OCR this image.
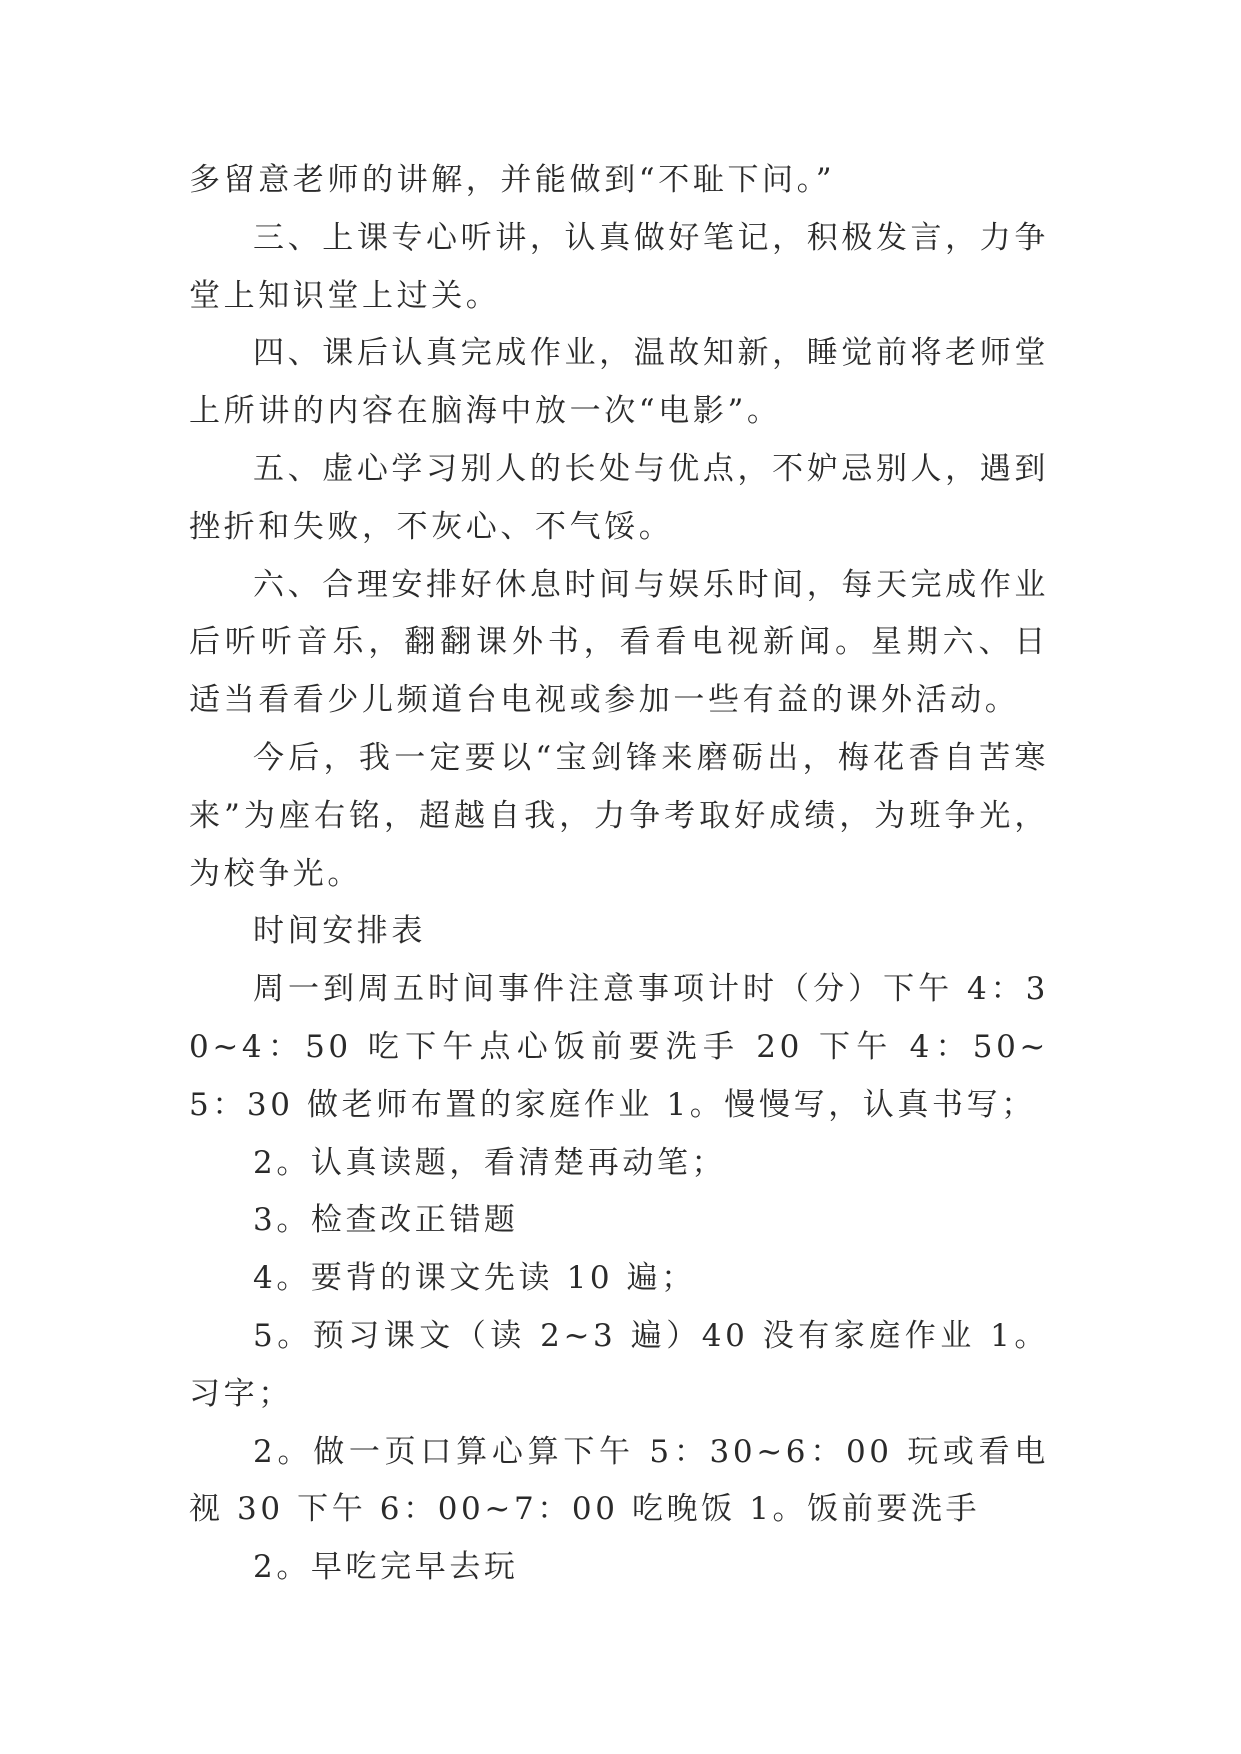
多留意老师的讲解，并能做到“不耻下问。”

三、上课专心听讲，认真做好笔记，积极发言，力争堂上知识堂上过关。

四、课后认真完成作业，温故知新，睡觉前将老师堂上所讲的内容在脑海中放一次“电影”。

五、虚心学习别人的长处与优点，不妒忌别人，遇到挫折和失败，不灰心、不气馁。

六、合理安排好休息时间与娱乐时间，每天完成作业后听听音乐，翻翻课外书，看看电视新闻。星期六、日适当看看少儿频道台电视或参加一些有益的课外活动。

今后，我一定要以“宝剑锋来磨砺出，梅花香自苦寒来”为座右铭，超越自我，力争考取好成绩，为班争光，为校争光。

时间安排表

周一到周五时间事件注意事项计时（分）下午 4：30~4：50 吃下午点心饭前要洗手 20 下午 4：50~5：30 做老师布置的家庭作业 1。慢慢写，认真书写；

2。认真读题，看清楚再动笔；

3。检查改正错题

4。要背的课文先读 10 遍；

5。预习课文（读 2~3 遍）40 没有家庭作业 1。习字；

2。做一页口算心算下午 5：30~6：00 玩或看电视 30 下午 6：00~7：00 吃晚饭 1。饭前要洗手

2。早吃完早去玩
